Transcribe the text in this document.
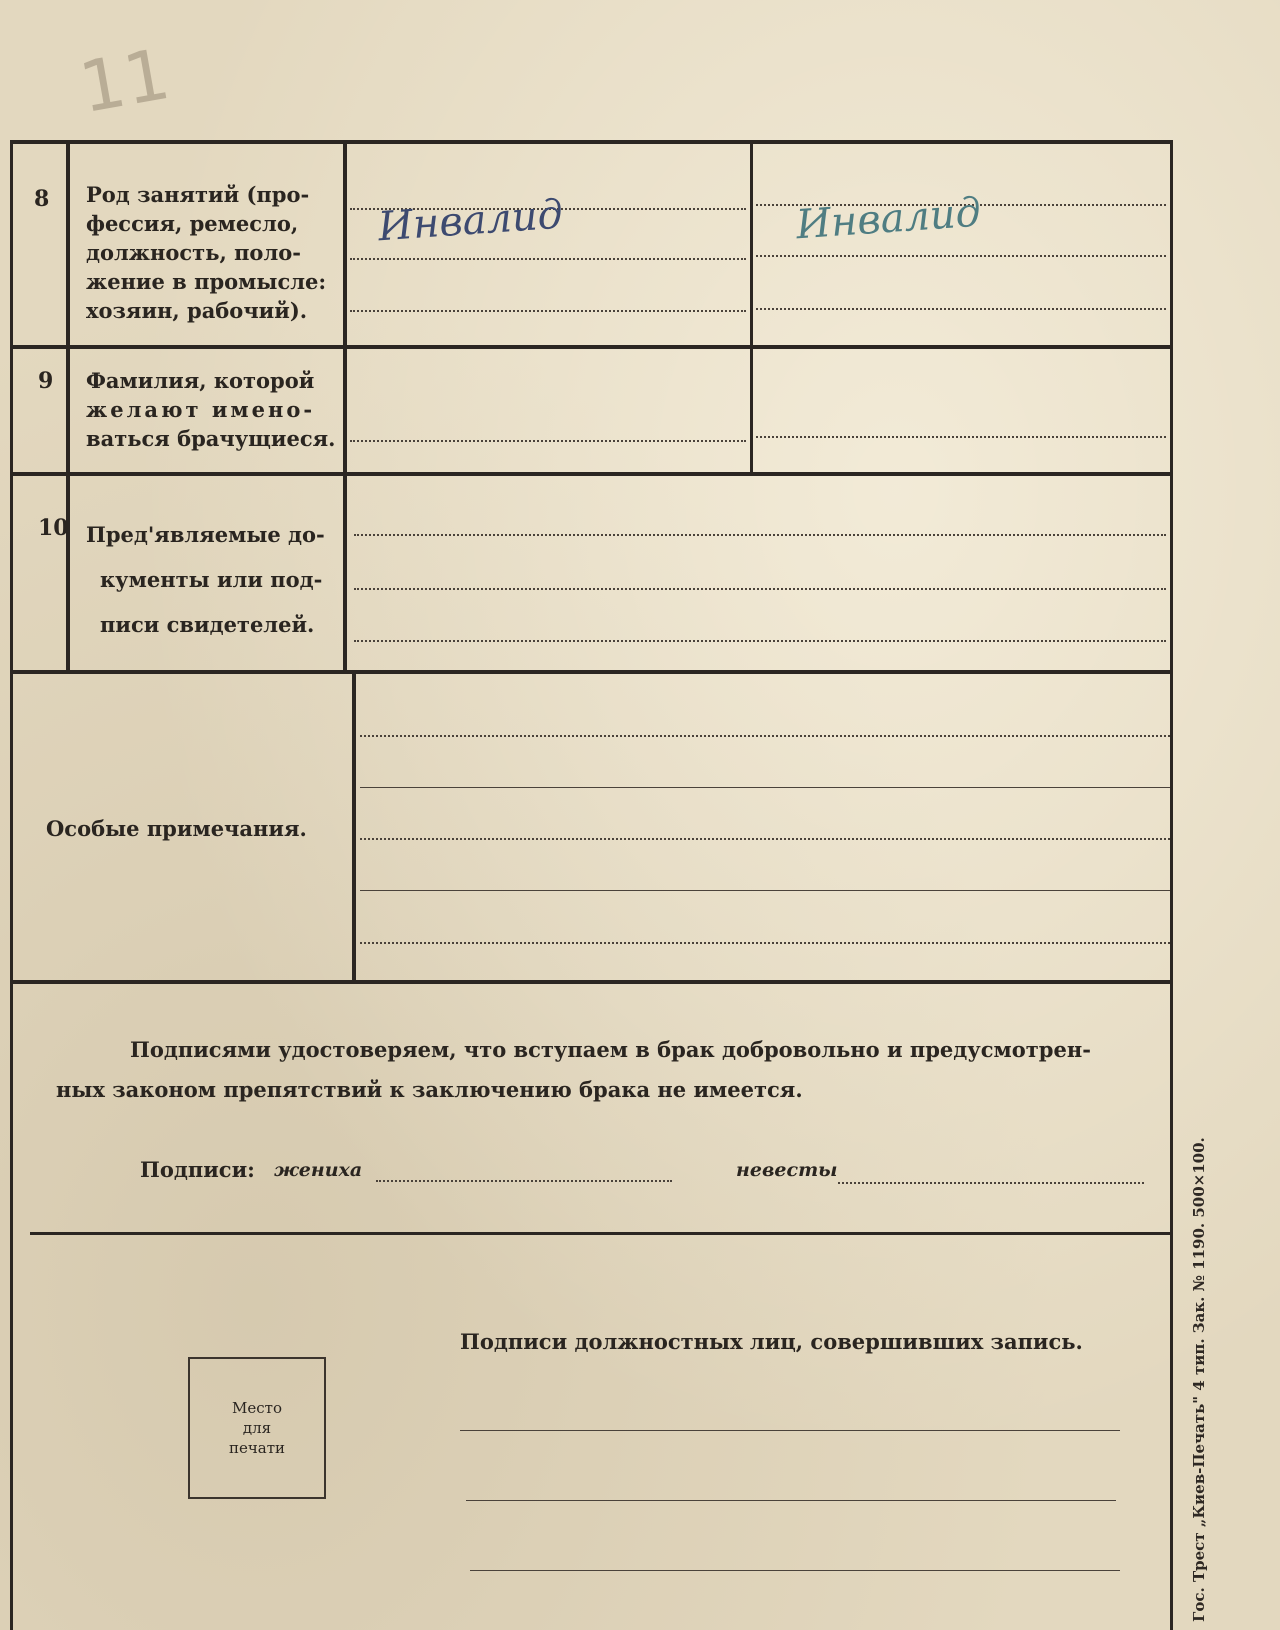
11
8 Род занятий (про-
фессия, ремесло,
должность, поло-
жение в промысле:
хозяин, рабочий).
Инвалид	Инвалид
9 Фамилия, которой
желают имено-
ваться брачущиеся.
10 Пред'являемые до-
кументы или под-
писи свидетелей.
Особые примечания.
Подписями удостоверяем, что вступаем в брак добровольно и предусмотрен-
ных законом препятствий к заключению брака не имеется.
Подписи: жениха	невесты
Подписи должностных лиц, совершивших запись.
Место
для
печати	Гос. Трест „Киев-Печать" 4 тип. Зак. № 1190. 500×100.
